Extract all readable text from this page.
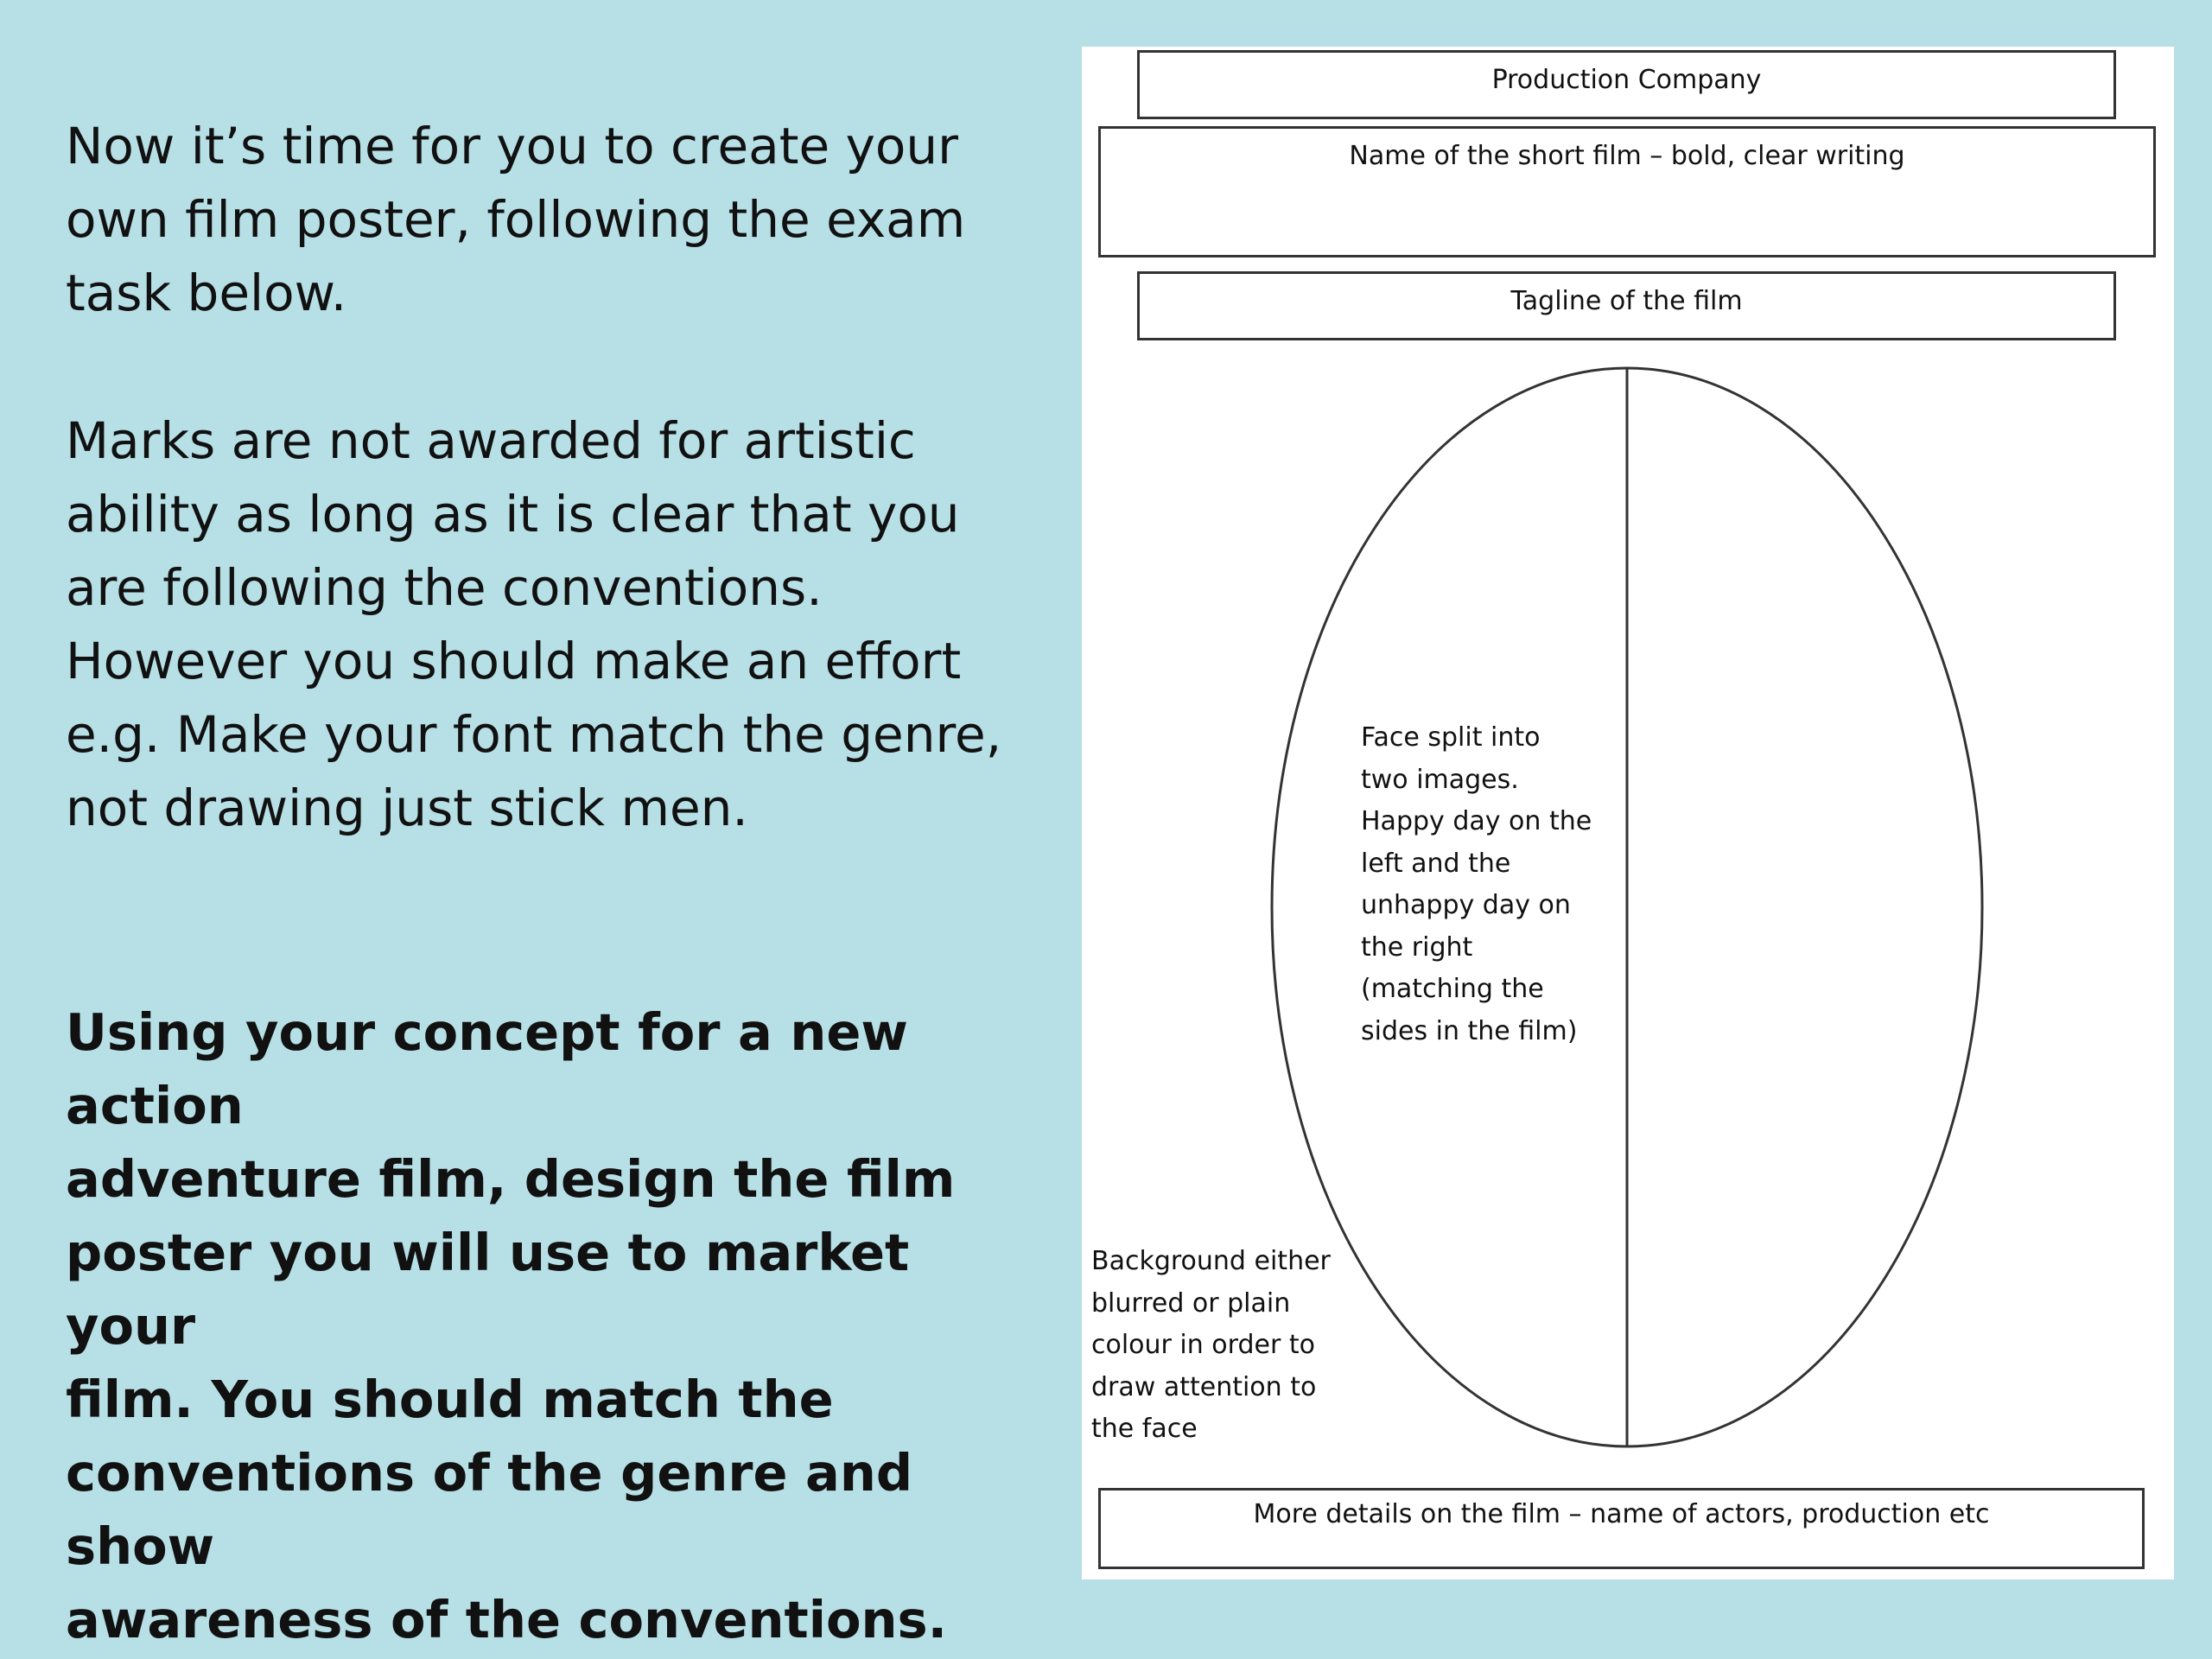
Now it’s time for you to create your
own film poster, following the exam
task below.
Marks are not awarded for artistic
ability as long as it is clear that you
are following the conventions.
However you should make an effort
e.g. Make your font match the genre,
not drawing just stick men.
Using your concept for a new action
adventure film, design the film
poster you will use to market your
film. You should match the
conventions of the genre and show
awareness of the conventions.
Production Company
Name of the short film – bold, clear writing
Tagline of the film
Face split into
two images.
Happy day on the
left and the
unhappy day on
the right
(matching the
sides in the film)
Background either
blurred or plain
colour in order to
draw attention to
the face
More details on the film – name of actors, production etc
